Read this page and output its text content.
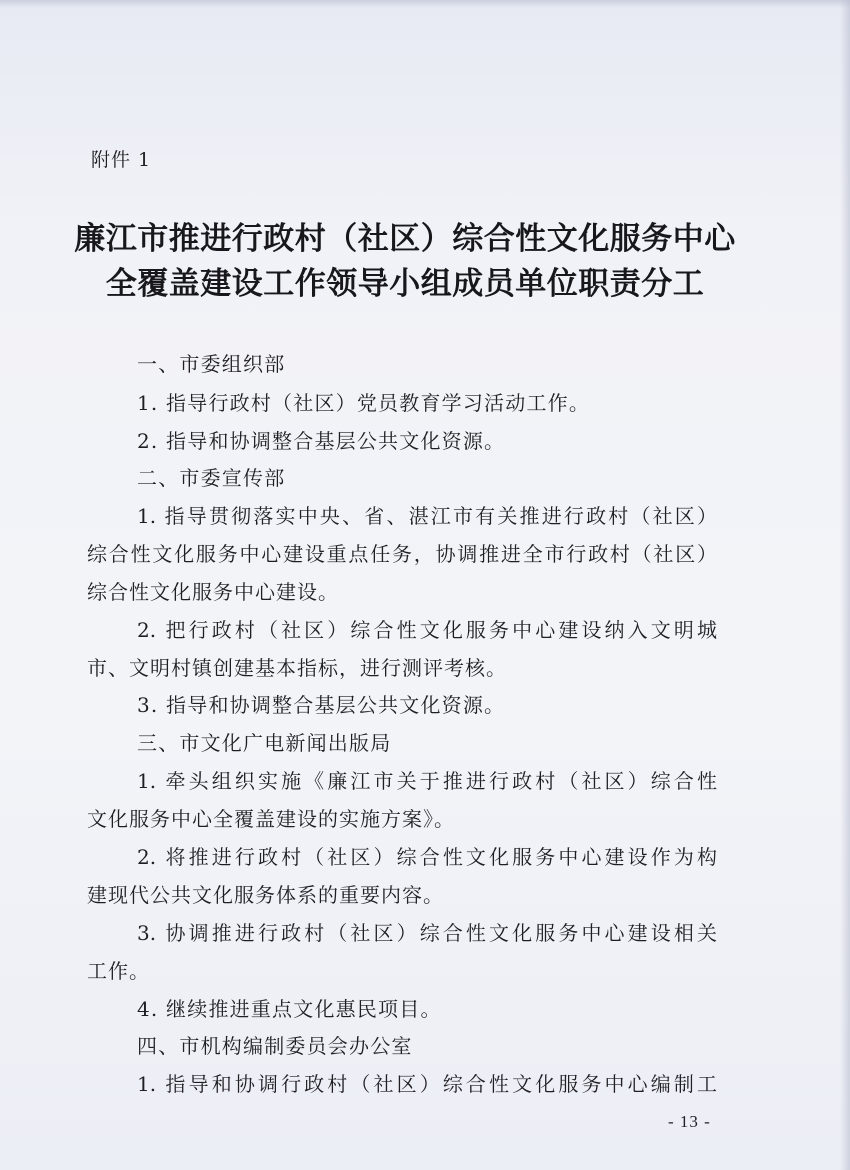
附件 1
廉江市推进行政村（社区）综合性文化服务中心
全覆盖建设工作领导小组成员单位职责分工
一、市委组织部
1. 指导行政村（社区）党员教育学习活动工作。
2. 指导和协调整合基层公共文化资源。
二、市委宣传部
1. 指导贯彻落实中央、省、湛江市有关推进行政村（社区）
综合性文化服务中心建设重点任务，协调推进全市行政村（社区）
综合性文化服务中心建设。
2. 把行政村（社区）综合性文化服务中心建设纳入文明城
市、文明村镇创建基本指标，进行测评考核。
3. 指导和协调整合基层公共文化资源。
三、市文化广电新闻出版局
1. 牵头组织实施《廉江市关于推进行政村（社区）综合性
文化服务中心全覆盖建设的实施方案》。
2. 将推进行政村（社区）综合性文化服务中心建设作为构
建现代公共文化服务体系的重要内容。
3. 协调推进行政村（社区）综合性文化服务中心建设相关
工作。
4. 继续推进重点文化惠民项目。
四、市机构编制委员会办公室
1. 指导和协调行政村（社区）综合性文化服务中心编制工
- 13 -
